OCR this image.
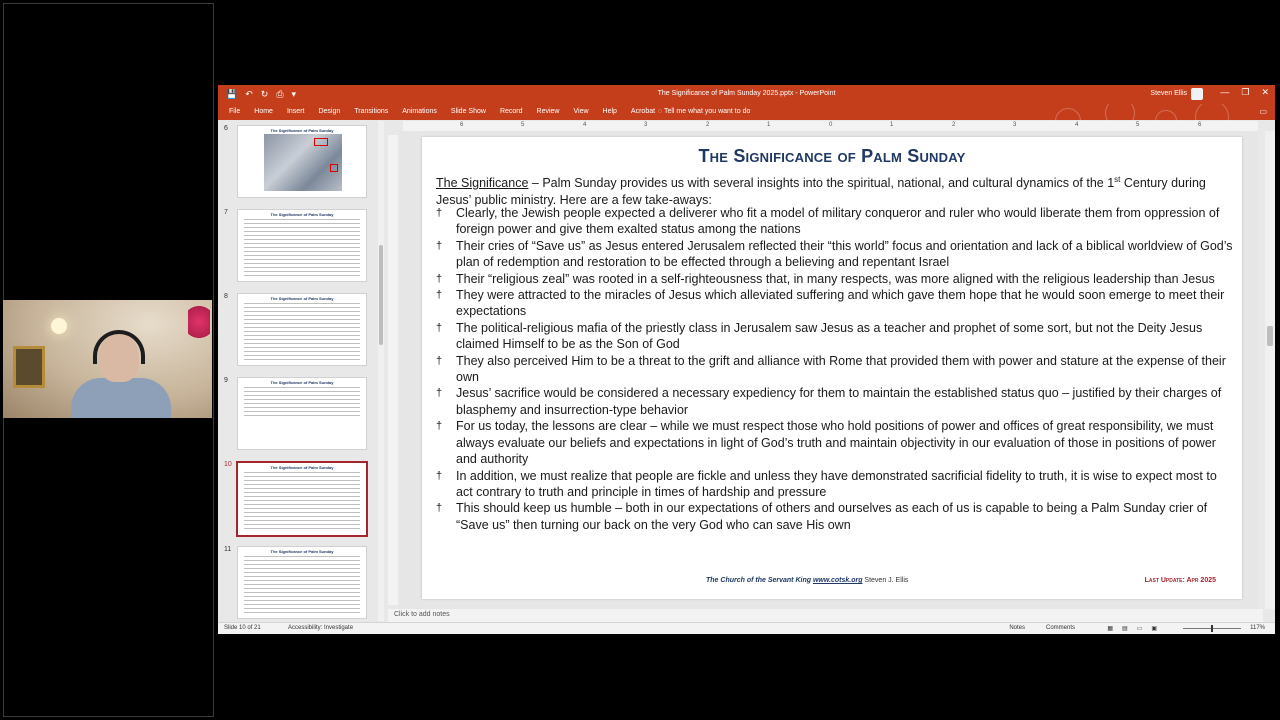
💾 ↶ ↻ ⎙ ▾	The Significance of Palm Sunday 2025.pptx - PowerPoint	Steven Ellis	— ❐ ✕
File Home Insert Design Transitions Animations Slide Show Record Review View Help Acrobat ◌ Tell me what you want to do	▭
6	The Significance of Palm Sunday
7	The Significance of Palm Sunday
8	The Significance of Palm Sunday
9	The Significance of Palm Sunday
10	The Significance of Palm Sunday
11	The Significance of Palm Sunday
6	5	4	3	2	1	0	1	2	3	4	5	6
The Significance of Palm Sunday
The Significance – Palm Sunday provides us with several insights into the spiritual, national, and cultural dynamics of the 1st Century during Jesus’ public ministry. Here are a few take-aways:
† Clearly, the Jewish people expected a deliverer who fit a model of military conqueror and ruler who would liberate them from oppression of foreign power and give them exalted status among the nations
† Their cries of “Save us” as Jesus entered Jerusalem reflected their “this world” focus and orientation and lack of a biblical worldview of God’s plan of redemption and restoration to be effected through a believing and repentant Israel
† Their “religious zeal” was rooted in a self-righteousness that, in many respects, was more aligned with the religious leadership than Jesus
† They were attracted to the miracles of Jesus which alleviated suffering and which gave them hope that he would soon emerge to meet their expectations
† The political-religious mafia of the priestly class in Jerusalem saw Jesus as a teacher and prophet of some sort, but not the Deity Jesus claimed Himself to be as the Son of God
† They also perceived Him to be a threat to the grift and alliance with Rome that provided them with power and stature at the expense of their own
† Jesus’ sacrifice would be considered a necessary expediency for them to maintain the established status quo – justified by their charges of blasphemy and insurrection-type behavior
† For us today, the lessons are clear – while we must respect those who hold positions of power and offices of great responsibility, we must always evaluate our beliefs and expectations in light of God’s truth and maintain objectivity in our evaluation of those in positions of power and authority
† In addition, we must realize that people are fickle and unless they have demonstrated sacrificial fidelity to truth, it is wise to expect most to act contrary to truth and principle in times of hardship and pressure
† This should keep us humble – both in our expectations of others and ourselves as each of us is capable to being a Palm Sunday crier of “Save us” then turning our back on the very God who can save His own
The Church of the Servant King www.cotsk.org Steven J. Ellis	Last Update: Apr 2025
Click to add notes
Slide 10 of 21	Accessibility: Investigate	Notes	Comments	▦ ▤ ▭ ▣	117%
